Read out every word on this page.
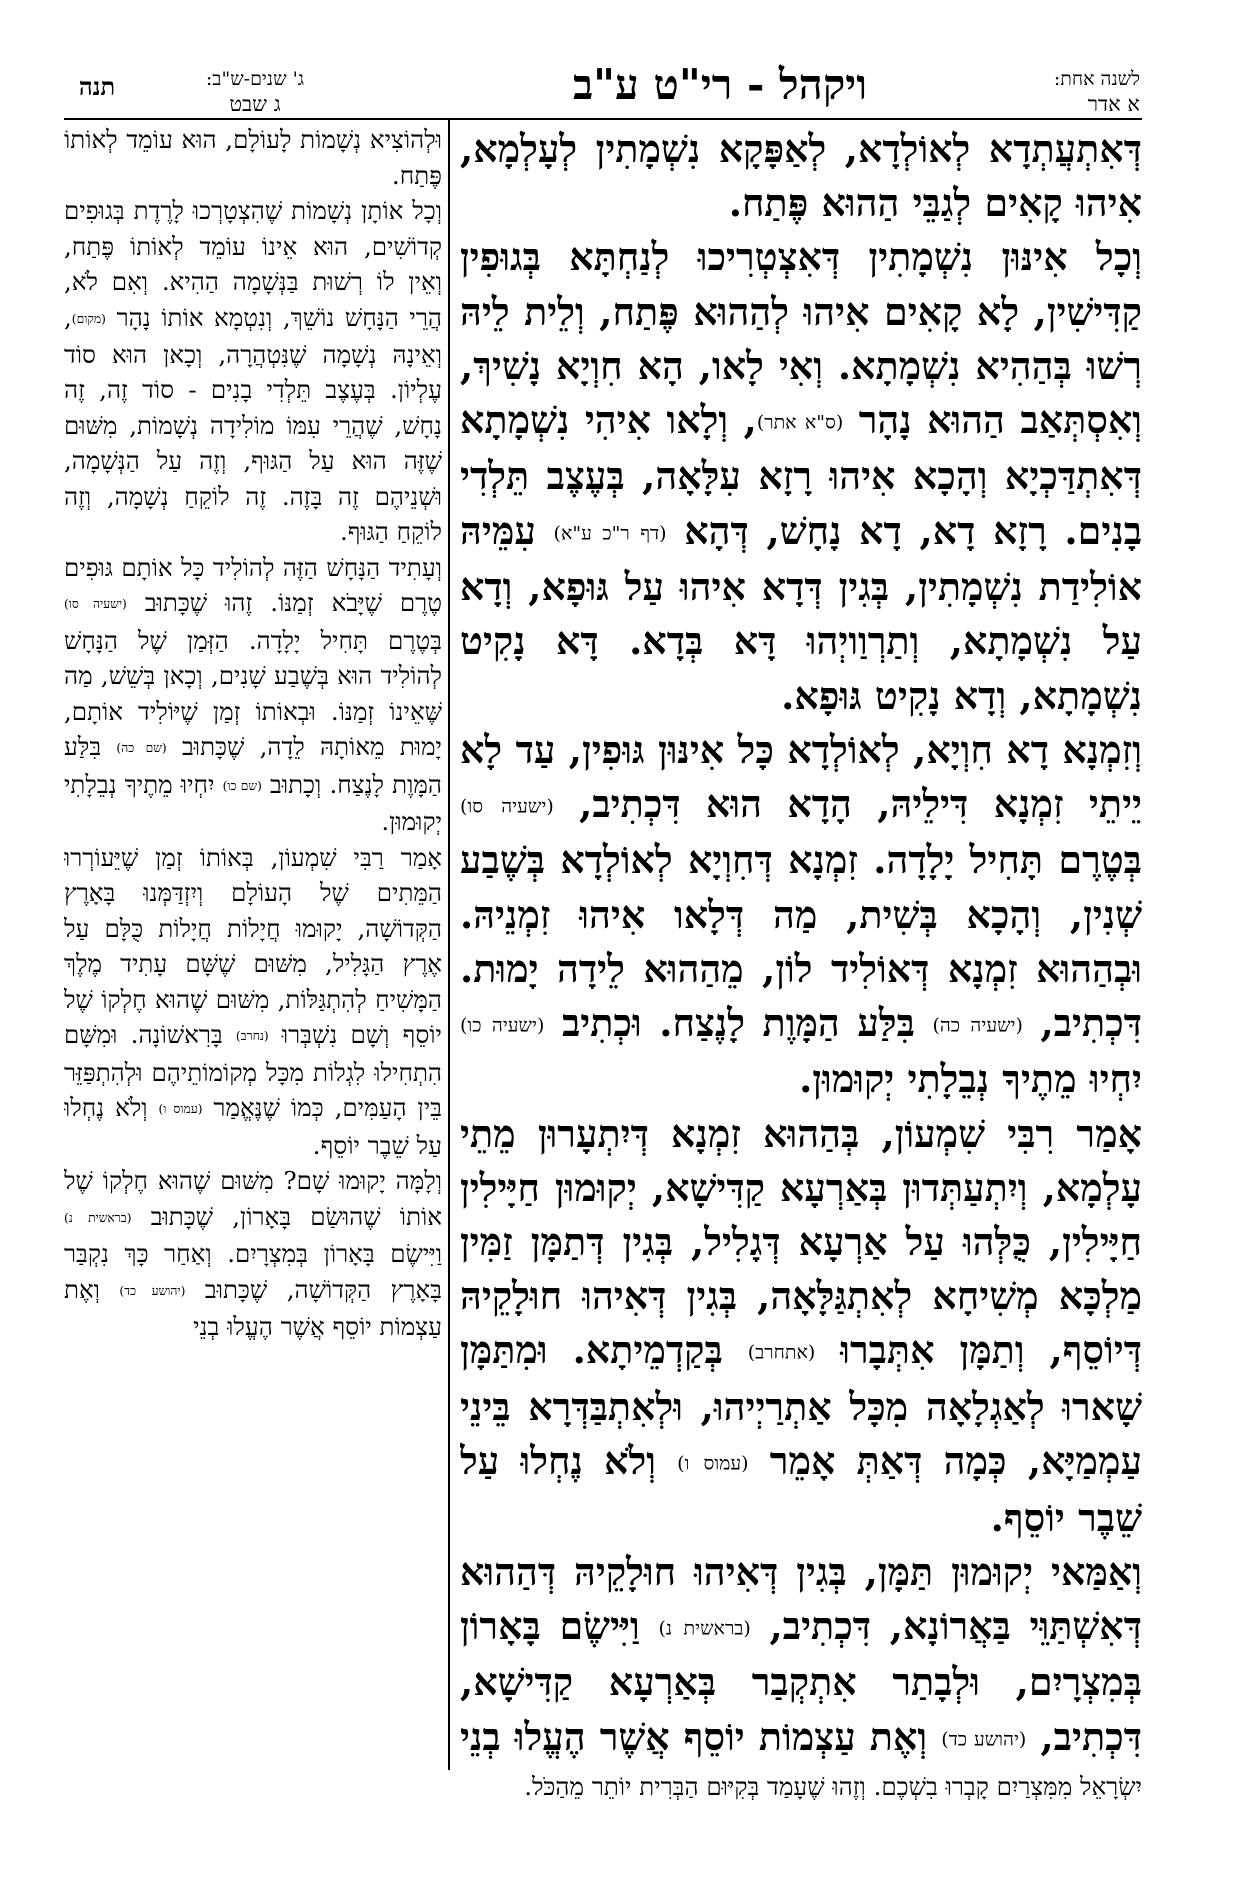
לשנה אחת:
א אדר
ויקהל - רי"ט ע"ב
ג' שנים-ש"ב:
ג שבט
תנה

דְּאִתְעֲתְדָא לְאוֹלְדָא, לְאַפָּקָא נִשְׁמָתִין לְעָלְמָא, אִיהוּ קָאִים לְגַבֵּי הַהוּא פֶּתַח.

וְכָל אִינּוּן נִשְׁמָתִין דְּאִצְטְרִיכוּ לְנַחְתָּא בְּגוּפִין קַדִּישִׁין, לָא קָאִים אִיהוּ לְהַהוּא פֶּתַח, וְלֵית לֵיהּ רְשׁוּ בְּהַהִיא נִשְׁמָתָא. וְאִי לָאו, הָא חִוְיָא נָשִׁיךְ, וְאִסְתְּאַב הַהוּא נָהָר (ס"א אתר), וְלָאו אִיהִי נִשְׁמָתָא דְּאִתְדַּכְיָא וְהָכָא אִיהוּ רָזָא עִלָּאָה, בְּעֶצֶב תֵּלְדִי בָנִים. רָזָא דָא, דָא נָחָשׁ, דְּהָא (דף ר"כ ע"א) עִמֵּיהּ אוֹלִידַת נִשְׁמָתִין, בְּגִין דְּדָא אִיהוּ עַל גּוּפָא, וְדָא עַל נִשְׁמָתָא, וְתַרְוַויְהוּ דָּא בְּדָא. דָּא נָקִיט נִשְׁמָתָא, וְדָא נָקִיט גּוּפָא.

וְזִמְנָא דָא חִוְיָא, לְאוֹלְדָא כָּל אִינּוּן גּוּפִין, עַד לָא יֵיתֵי זִמְנָא דִּילֵיהּ, הָדָא הוּא דִּכְתִיב, (ישעיה סו) בְּטֶרֶם תָּחִיל יָלָדָה. זִמְנָא דְּחִוְיָא לְאוֹלְדָא בְּשֶׁבַע שְׁנִין, וְהָכָא בְּשִׁית, מַה דְּלָאו אִיהוּ זִמְנֵיהּ. וּבְהַהוּא זִמְנָא דְּאוֹלִיד לוֹן, מֵהַהוּא לֵידָה יָמוּת. דִּכְתִיב, (ישעיה כה) בִּלַּע הַמָּוֶת לָנֶצַח. וּכְתִיב (ישעיה כו) יִחְיוּ מֵתֶיךָ נְבֵלָתִי יְקוּמוּן.

אָמַר רִבִּי שִׁמְעוֹן, בְּהַהוּא זִמְנָא דְּיִתְעָרוּן מֵתֵי עָלְמָא, וְיִתְעַתְּדוּן בְּאַרְעָא קַדִּישָׁא, יְקוּמוּן חַיָּילִין חַיָּילִין, כֻּלְּהוּ עַל אַרְעָא דְּגָלִיל, בְּגִין דְּתַמָּן זַמִּין מַלְכָּא מְשִׁיחָא לְאִתְגַּלָּאָה, בְּגִין דְּאִיהוּ חוּלָקֵיהּ דְּיוֹסֵף, וְתַמָּן אִתְּבָרוּ (אתחרב) בְּקַדְמֵיתָא. וּמִתַּמָּן שָׁארוּ לְאַגְלָאָה מִכָּל אַתְרַיְיהוּ, וּלְאִתְבַּדְּרָא בֵּינֵי עַמְמַיָּא, כְּמָה דְּאַתְּ אָמֵר (עמוס ו) וְלֹא נֶחְלוּ עַל שֵׁבֶר יוֹסֵף.

וְאַמַּאי יְקוּמוּן תַּמָּן, בְּגִין דְּאִיהוּ חוּלָקֵיהּ דְּהַהוּא דְּאִשְׁתַּוֵּי בַּאֲרוֹנָא, דִּכְתִיב, (בראשית נ) וַיִּישֶׂם בָּאָרוֹן בְּמִצְרָיִם, וּלְבָתַר אִתְקְבַר בְּאַרְעָא קַדִּישָׁא, דִּכְתִיב, (יהושע כד) וְאֶת עַצְמוֹת יוֹסֵף אֲשֶׁר הֶעֱלוּ בְנֵי

וּלְהוֹצִיא נְשָׁמוֹת לָעוֹלָם, הוּא עוֹמֵד לְאוֹתוֹ פֶּתַח.

וְכָל אוֹתָן נְשָׁמוֹת שֶׁהִצְטָרְכוּ לָרֶדֶת בְּגוּפִים קְדוֹשִׁים, הוּא אֵינוֹ עוֹמֵד לְאוֹתוֹ פֶּתַח, וְאֵין לוֹ רְשׁוּת בַּנְּשָׁמָה הַהִיא. וְאִם לֹא, הֲרֵי הַנָּחָשׁ נוֹשֵׁךְ, וְנִטְמָא אוֹתוֹ נָהָר (מקום), וְאֵינָהּ נְשָׁמָה שֶׁנִּטְהֲרָה, וְכָאן הוּא סוֹד עֶלְיוֹן. בְּעֶצֶב תֵּלְדִי בָנִים - סוֹד זֶה, זֶה נָחָשׁ, שֶׁהֲרֵי עִמּוֹ מוֹלִידָה נְשָׁמוֹת, מִשּׁוּם שֶׁזֶּה הוּא עַל הַגּוּף, וְזֶה עַל הַנְּשָׁמָה, וּשְׁנֵיהֶם זֶה בָּזֶה. זֶה לוֹקֵחַ נְשָׁמָה, וְזֶה לוֹקֵחַ הַגּוּף.

וְעָתִיד הַנָּחָשׁ הַזֶּה לְהוֹלִיד כָּל אוֹתָם גּוּפִים טֶרֶם שֶׁיָּבֹא זְמַנּוֹ. זֶהוּ שֶׁכָּתוּב (ישעיה סו) בְּטֶרֶם תָּחִיל יָלָדָה. הַזְּמַן שֶׁל הַנָּחָשׁ לְהוֹלִיד הוּא בְּשֶׁבַע שָׁנִים, וְכָאן בְּשֵׁשׁ, מַה שֶּׁאֵינוֹ זְמַנּוֹ. וּבְאוֹתוֹ זְמַן שֶׁיּוֹלִיד אוֹתָם, יָמוּת מֵאוֹתָהּ לֵדָה, שֶׁכָּתוּב (שם כה) בִּלַּע הַמָּוֶת לָנֶצַח. וְכָתוּב (שם כו) יִחְיוּ מֵתֶיךָ נְבֵלָתִי יְקוּמוּן.

אָמַר רַבִּי שִׁמְעוֹן, בְּאוֹתוֹ זְמַן שֶׁיֵּעוֹרְרוּ הַמֵּתִים שֶׁל הָעוֹלָם וְיִזְדַּמְּנוּ בָּאָרֶץ הַקְּדוֹשָׁה, יָקוּמוּ חֲיָלוֹת חֲיָלוֹת כֻּלָּם עַל אֶרֶץ הַגָּלִיל, מִשּׁוּם שֶׁשָּׁם עָתִיד מֶלֶךְ הַמָּשִׁיחַ לְהִתְגַּלּוֹת, מִשּׁוּם שֶׁהוּא חֶלְקוֹ שֶׁל יוֹסֵף וְשָׁם נִשְׁבְּרוּ (נחרב) בָּרִאשׁוֹנָה. וּמִשָּׁם הִתְחִילוּ לִגְלוֹת מִכָּל מְקוֹמוֹתֵיהֶם וּלְהִתְפַּזֵּר בֵּין הָעַמִּים, כְּמוֹ שֶׁנֶּאֱמַר (עמוס ו) וְלֹא נֶחְלוּ עַל שֵׁבֶר יוֹסֵף.

וְלָמָּה יָקוּמוּ שָׁם? מִשּׁוּם שֶׁהוּא חֶלְקוֹ שֶׁל אוֹתוֹ שֶׁהוּשַׂם בָּאָרוֹן, שֶׁכָּתוּב (בראשית נ) וַיִּישֶׂם בָּאָרוֹן בְּמִצְרָיִם. וְאַחַר כָּךְ נִקְבַּר בָּאָרֶץ הַקְּדוֹשָׁה, שֶׁכָּתוּב (יהושע כד) וְאֶת עַצְמוֹת יוֹסֵף אֲשֶׁר הֶעֱלוּ בְנֵי

יִשְׂרָאֵל מִמִּצְרַיִם קָבְרוּ בִשְׁכֶם. וְזֶהוּ שֶׁעָמַד בְּקִיּוּם הַבְּרִית יוֹתֵר מֵהַכֹּל.
